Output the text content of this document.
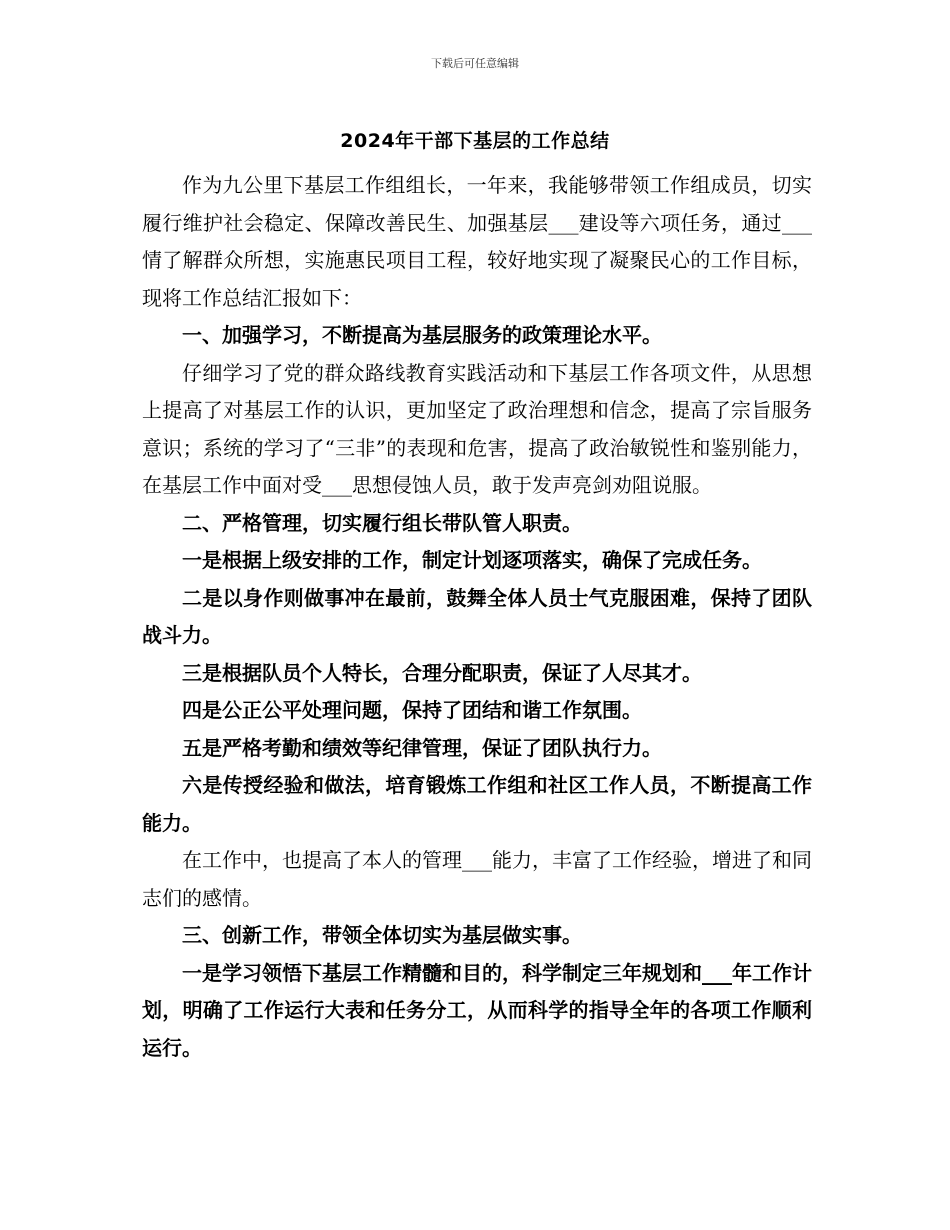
下载后可任意编辑
2024年干部下基层的工作总结

作为九公里下基层工作组组长，一年来，我能够带领工作组成员，切实履行维护社会稳定、保障改善民生、加强基层___建设等六项任务，通过___情了解群众所想，实施惠民项目工程，较好地实现了凝聚民心的工作目标，现将工作总结汇报如下：

一、加强学习，不断提高为基层服务的政策理论水平。

仔细学习了党的群众路线教育实践活动和下基层工作各项文件，从思想上提高了对基层工作的认识，更加坚定了政治理想和信念，提高了宗旨服务意识；系统的学习了“三非”的表现和危害，提高了政治敏锐性和鉴别能力，在基层工作中面对受___思想侵蚀人员，敢于发声亮剑劝阻说服。

二、严格管理，切实履行组长带队管人职责。

一是根据上级安排的工作，制定计划逐项落实，确保了完成任务。

二是以身作则做事冲在最前，鼓舞全体人员士气克服困难，保持了团队战斗力。

三是根据队员个人特长，合理分配职责，保证了人尽其才。

四是公正公平处理问题，保持了团结和谐工作氛围。

五是严格考勤和绩效等纪律管理，保证了团队执行力。

六是传授经验和做法，培育锻炼工作组和社区工作人员，不断提高工作能力。

在工作中，也提高了本人的管理___能力，丰富了工作经验，增进了和同志们的感情。

三、创新工作，带领全体切实为基层做实事。

一是学习领悟下基层工作精髓和目的，科学制定三年规划和___年工作计划，明确了工作运行大表和任务分工，从而科学的指导全年的各项工作顺利运行。
